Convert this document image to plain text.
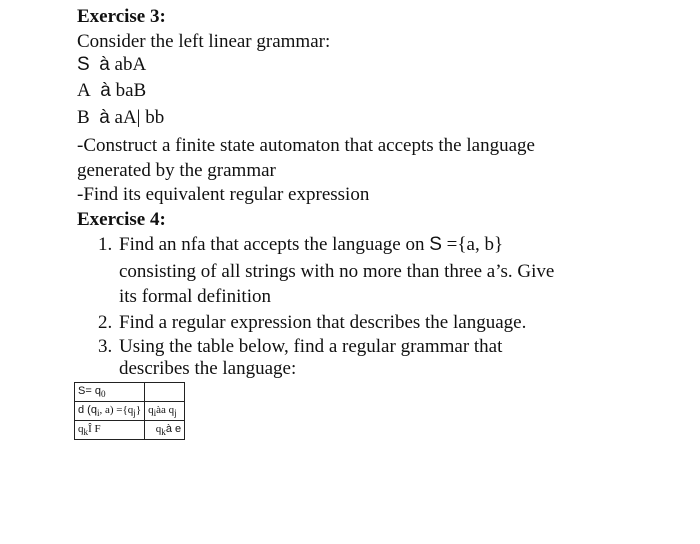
Exercise 3:
Consider the left linear grammar:
S à abA
A à baB
B à aA| bb
-Construct a finite state automaton that accepts the language
generated by the grammar
-Find its equivalent regular expression
Exercise 4:
1. Find an nfa that accepts the language on S ={a, b}
consisting of all strings with no more than three a’s. Give
its formal definition
2. Find a regular expression that describes the language.
3. Using the table below, find a regular grammar that
describes the language:
$S= q_0$	
d ($q_i$, $a) =\{q_j\}$	$q_iàa$ $q_j$
$q_kÎ$ F	$q_kà$ e
